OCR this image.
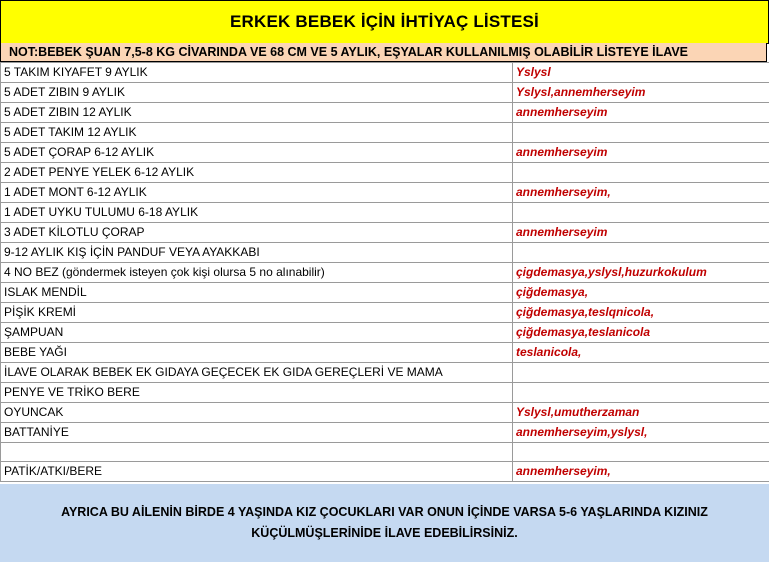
ERKEK BEBEK İÇİN İHTİYAÇ LİSTESİ
NOT:BEBEK ŞUAN 7,5-8 KG CİVARINDA VE 68 CM VE 5 AYLIK, EŞYALAR KULLANILMIŞ OLABİLİR LİSTEYE İLAVE
5 TAKIM KIYAFET 9 AYLIK	Yslysl
5 ADET ZIBIN 9 AYLIK	Yslysl,annemherseyim
5 ADET ZIBIN 12 AYLIK	annemherseyim
5 ADET TAKIM 12 AYLIK	
5 ADET ÇORAP 6-12 AYLIK	annemherseyim
2 ADET PENYE YELEK 6-12 AYLIK	
1 ADET MONT 6-12 AYLIK	annemherseyim,
1 ADET UYKU TULUMU 6-18 AYLIK	
3 ADET KİLOTLU ÇORAP	annemherseyim
9-12 AYLIK KIŞ İÇİN PANDUF VEYA AYAKKABI	
4 NO BEZ (göndermek isteyen çok kişi olursa 5 no alınabilir)	çigdemasya,yslysl,huzurkokulum
ISLAK MENDİL	çiğdemasya,
PİŞİK KREMİ	çiğdemasya,teslqnicola,
ŞAMPUAN	çiğdemasya,teslanicola
BEBE YAĞI	teslanicola,
İLAVE OLARAK BEBEK EK GIDAYA GEÇECEK EK GIDA GEREÇLERİ VE MAMA	
PENYE VE TRİKO BERE	
OYUNCAK	Yslysl,umutherzaman
BATTANİYE	annemherseyim,yslysl,

PATİK/ATKI/BERE	annemherseyim,
AYRICA BU AİLENİN BİRDE 4 YAŞINDA KIZ ÇOCUKLARI VAR ONUN İÇİNDE VARSA 5-6 YAŞLARINDA KIZINIZ
KÜÇÜLMÜŞLERİNİDE İLAVE EDEBİLİRSİNİZ.
